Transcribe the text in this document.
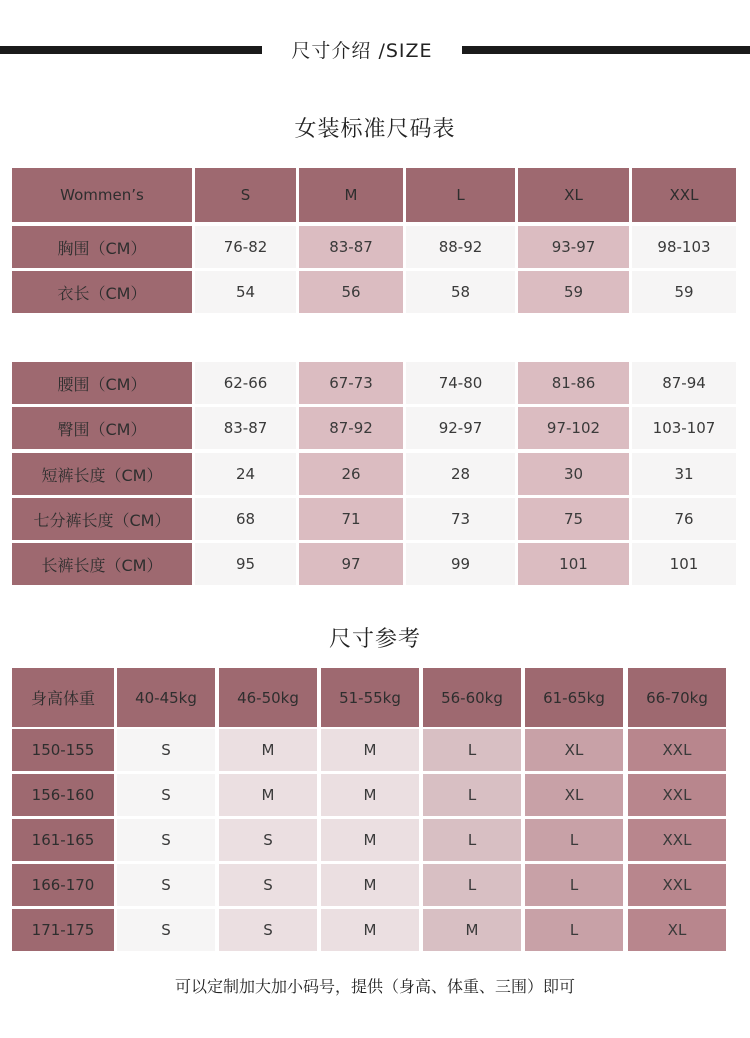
尺寸介绍 /SIZE
女装标准尺码表
尺寸参考
Wommen’s	S	M	L	XL	XXL
胸围（CM）	76-82	83-87	88-92	93-97	98-103
衣长（CM）	54	56	58	59	59
腰围（CM）	62-66	67-73	74-80	81-86	87-94
臀围（CM）	83-87	87-92	92-97	97-102	103-107
短裤长度（CM）	24	26	28	30	31
七分裤长度（CM）	68	71	73	75	76
长裤长度（CM）	95	97	99	101	101
身高体重	40-45kg	46-50kg	51-55kg	56-60kg	61-65kg	66-70kg
150-155	S	M	M	L	XL	XXL
156-160	S	M	M	L	XL	XXL
161-165	S	S	M	L	L	XXL
166-170	S	S	M	L	L	XXL
171-175	S	S	M	M	L	XL
可以定制加大加小码号，提供（身高、体重、三围）即可
